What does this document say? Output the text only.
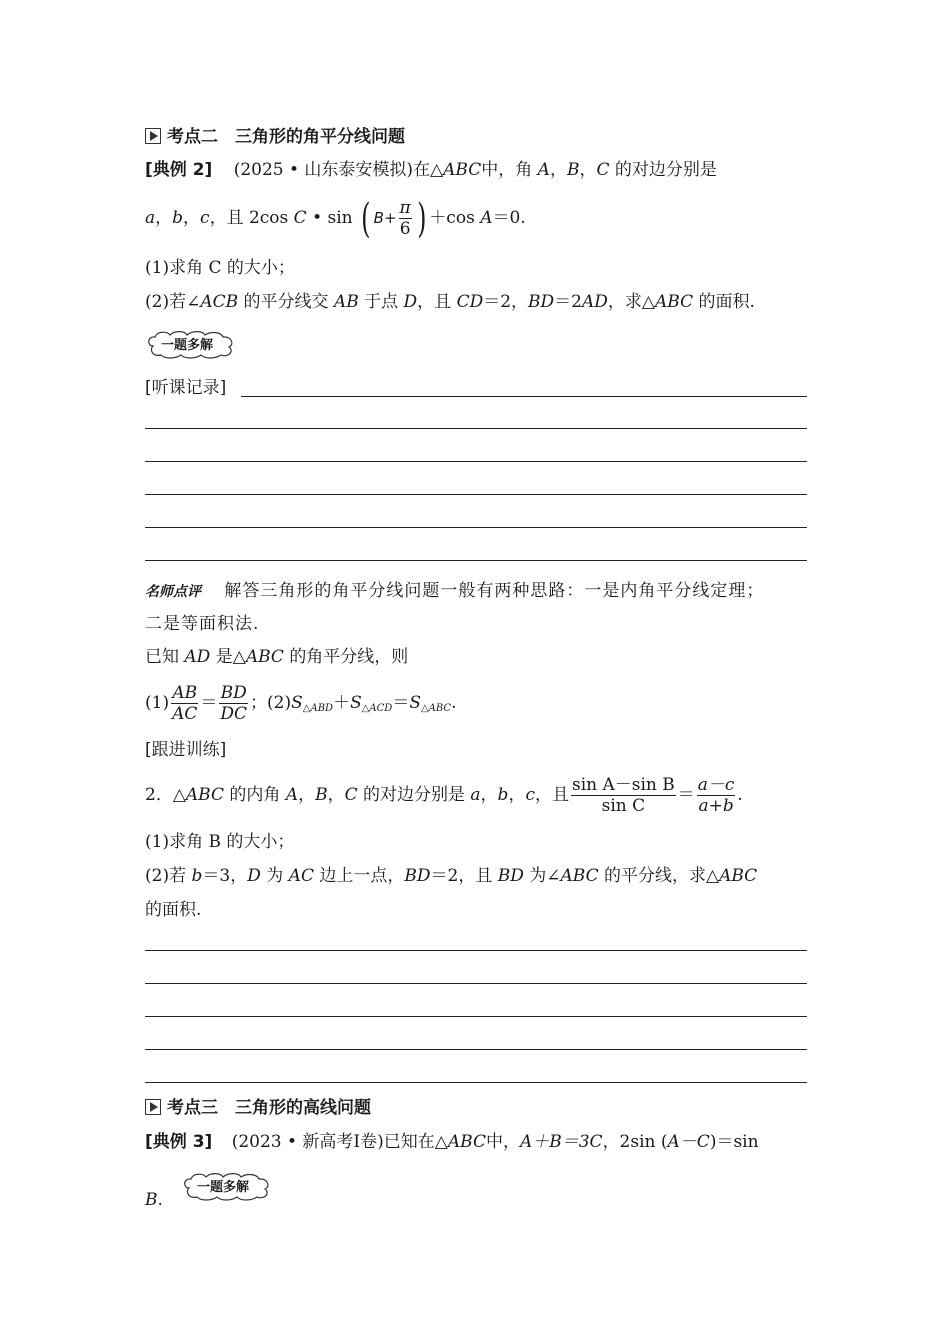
考点二　三角形的角平分线问题
[典例 2] (2025 • 山东泰安模拟)在△ABC中，角 A，B，C 的对边分别是
a，b，c，且 2cos C • sin ( $B+ \frac{\pi}{6}$ ) ＋cos A＝0.
(1)求角 C 的大小；
(2)若∠ACB 的平分线交 AB 于点 D，且 CD＝2，BD＝2AD，求△ABC 的面积.
一题多解
[听课记录]
名师点评 解答三角形的角平分线问题一般有两种思路：一是内角平分线定理；
二是等面积法.
已知 AD 是△ABC 的角平分线，则
$(1) \frac{AB}{AC} = \frac{BD}{DC}$ ；$(2)S_{\triangle ABD}+S_{\triangle ACD}=S_{\triangle ABC}$.
[跟进训练]
2．△ABC 的内角 A，B，C 的对边分别是 a，b，c，且 $\frac{\text{sin A－sin B}}{\text{sin C}} = \frac{a-c}{a+b}$ .
(1)求角 B 的大小；
(2)若 b＝3，D 为 AC 边上一点，BD＝2，且 BD 为∠ABC 的平分线，求△ABC
的面积.
考点三　三角形的高线问题
[典例 3] (2023 • 新高考Ⅰ卷)已知在△ABC中，A＋B＝3C，2sin (A－C)＝sin
B.
一题多解
